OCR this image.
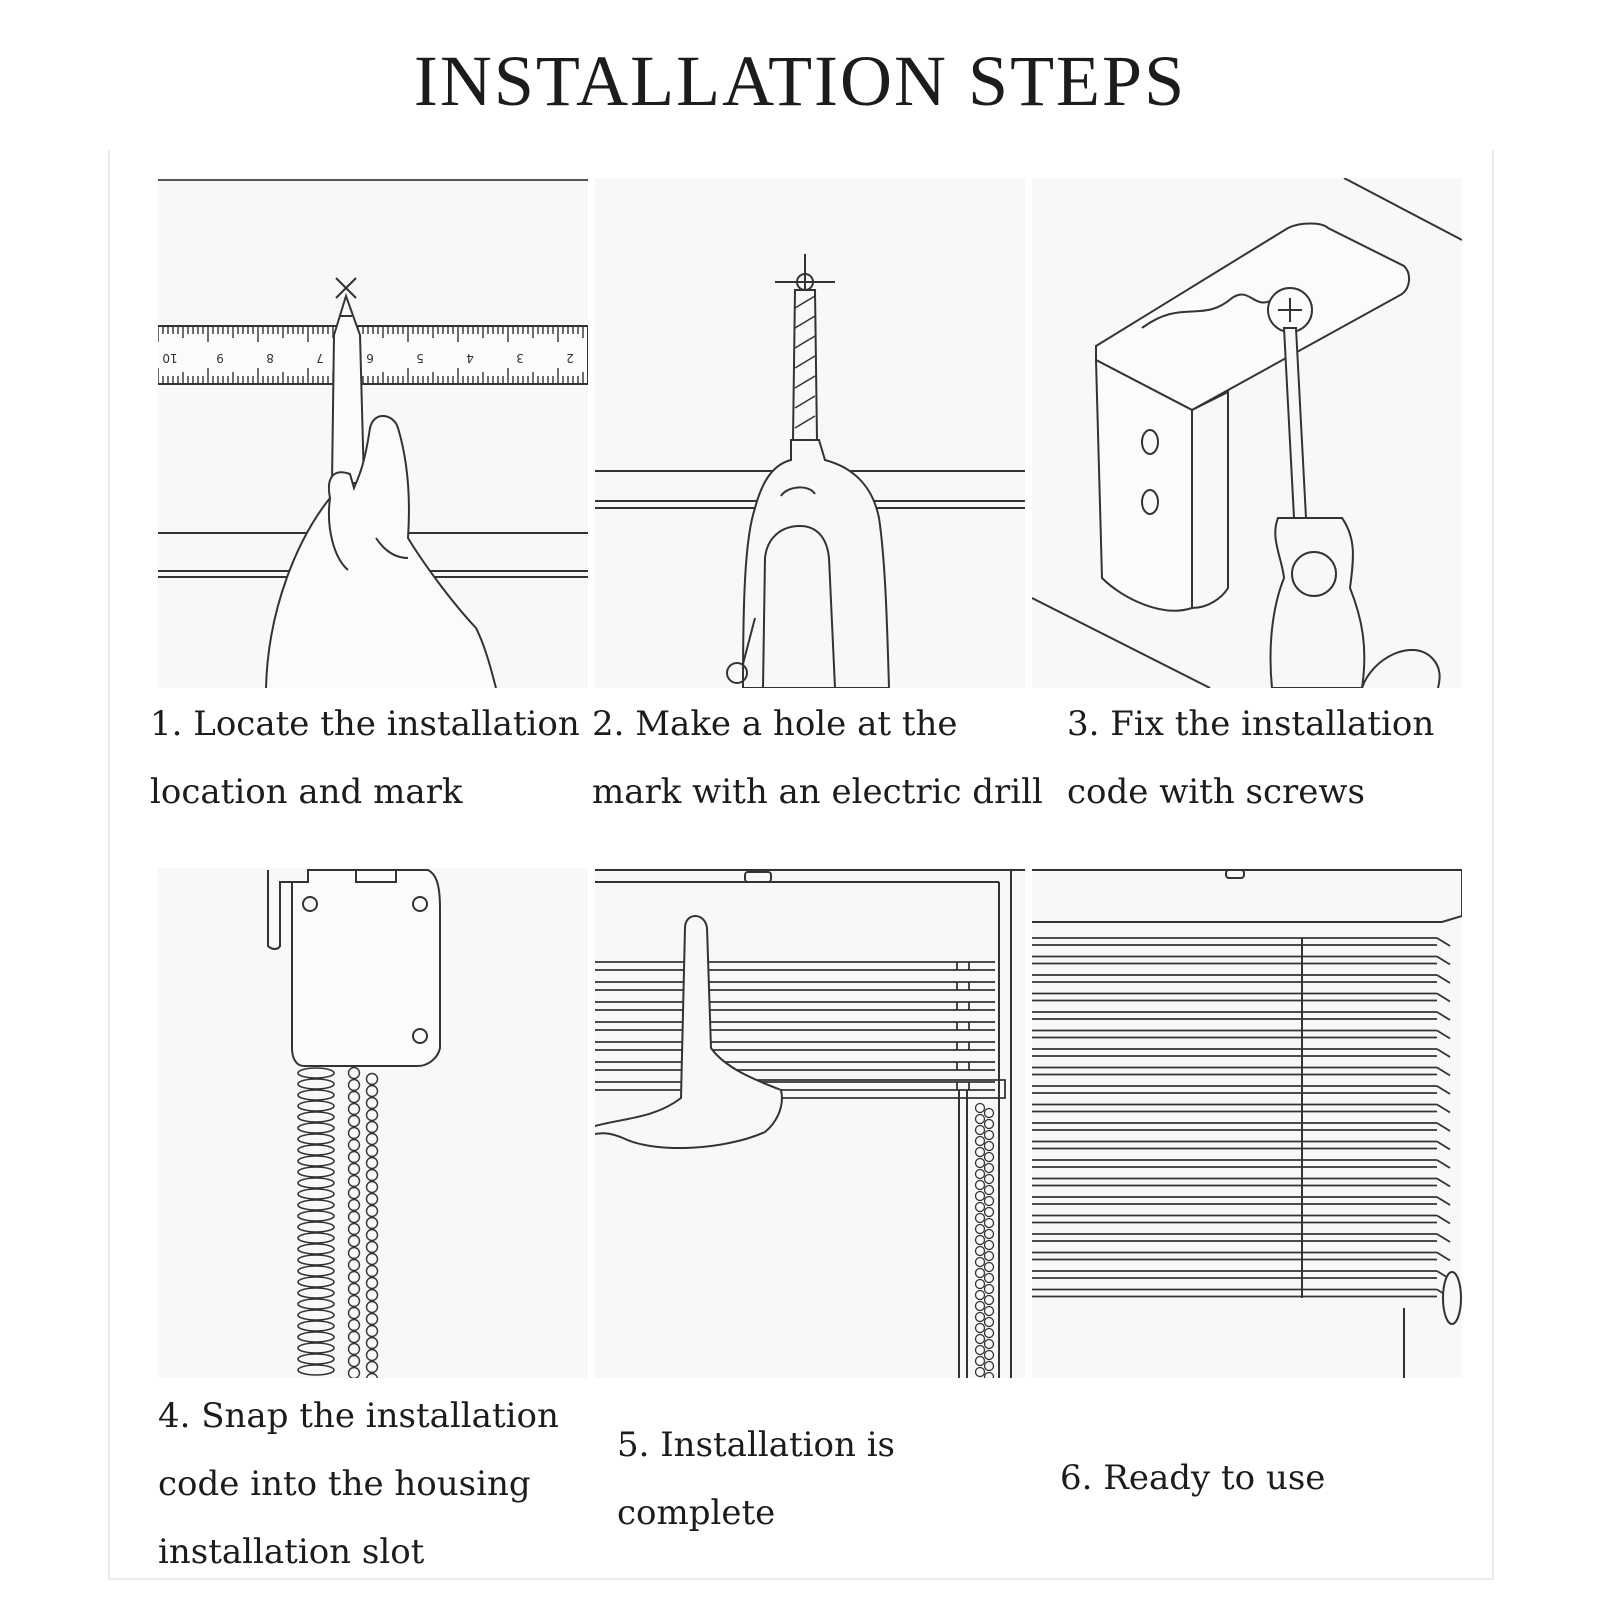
INSTALLATION STEPS
10	9	8	7	6	5	4	3	2
1. Locate the installation
location and mark
2. Make a hole at the
mark with an electric drill
3. Fix the installation
code with screws
4. Snap the installation
code into the housing
installation slot
5. Installation is
complete
6. Ready to use
